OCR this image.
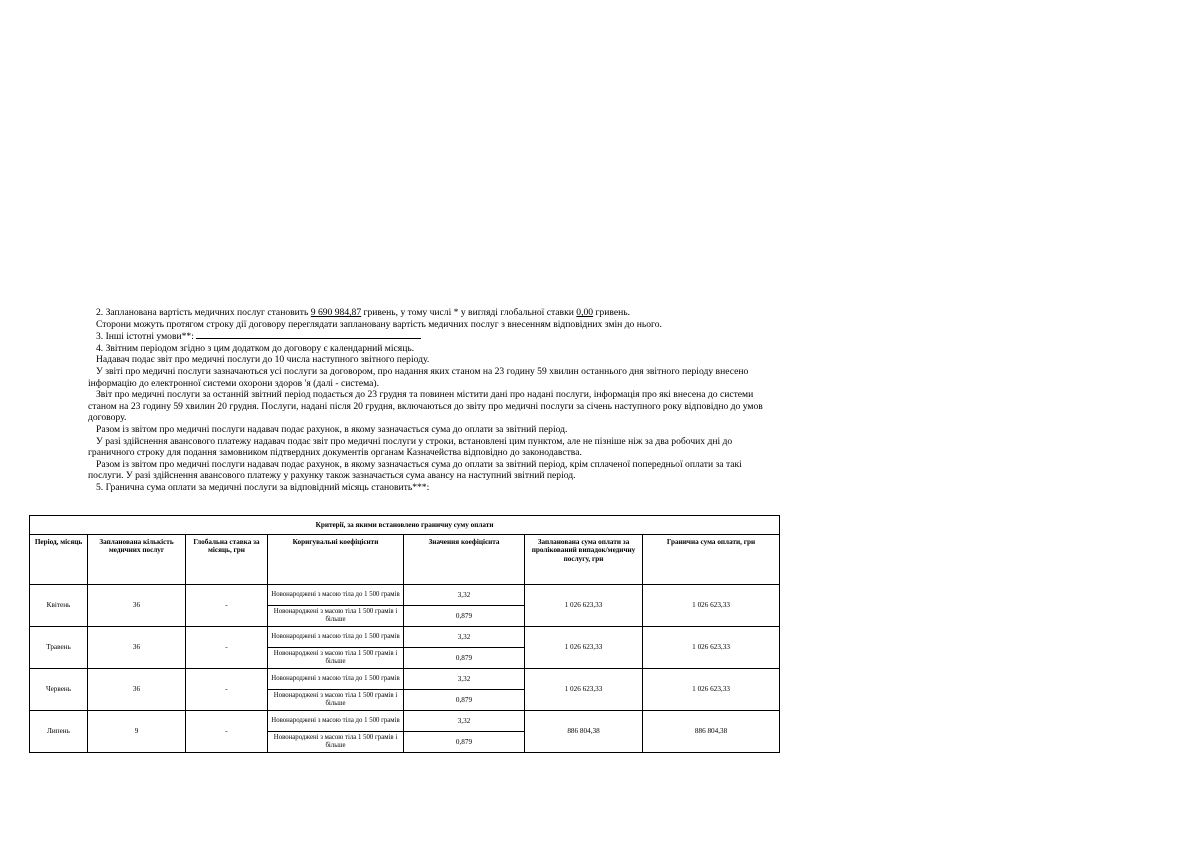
2. Запланована вартість медичних послуг становить 9 690 984,87 гривень, у тому числі * у вигляді глобальної ставки 0,00 гривень.

Сторони можуть протягом строку дії договору переглядати заплановану вартість медичних послуг з внесенням відповідних змін до нього.

3. Інші істотні умови**:

4. Звітним періодом згідно з цим додатком до договору є календарний місяць.

Надавач подає звіт про медичні послуги до 10 числа наступного звітного періоду.

У звіті про медичні послуги зазначаються усі послуги за договором, про надання яких станом на 23 годину 59 хвилин останнього дня звітного періоду внесено інформацію до електронної системи охорони здоров 'я (далі - система).

Звіт про медичні послуги за останній звітний період подається до 23 грудня та повинен містити дані про надані послуги, інформація про які внесена до системи станом на 23 годину 59 хвилин 20 грудня. Послуги, надані після 20 грудня, включаються до звіту про медичні послуги за січень наступного року відповідно до умов договору.

Разом із звітом про медичні послуги надавач подає рахунок, в якому зазначається сума до оплати за звітний період.

У разі здійснення авансового платежу надавач подає звіт про медичні послуги у строки, встановлені цим пунктом, але не пізніше ніж за два робочих дні до граничного строку для подання замовником підтвердних документів органам Казначейства відповідно до законодавства.

Разом із звітом про медичні послуги надавач подає рахунок, в якому зазначається сума до оплати за звітний період, крім сплаченої попередньої оплати за такі послуги. У разі здійснення авансового платежу у рахунку також зазначається сума авансу на наступний звітний період.

5. Гранична сума оплати за медичні послуги за відповідний місяць становить***:

Критерії, за якими встановлено граничну суму оплати						
Період, місяць	Запланована кількість медичних послуг	Глобальна ставка за місяць, грн	Коригувальні коефіцієнти	Значення коефіцієнта	Запланована сума оплати за пролікований випадок/медичну послугу, грн	Гранична сума оплати, грн
Квітень	36	-	Новонароджені з масою тіла до 1 500 грамів	3,32	1 026 623,33	1 026 623,33
			Новонароджені з масою тіла 1 500 грамів і більше	0,879		
Травень	36	-	Новонароджені з масою тіла до 1 500 грамів	3,32	1 026 623,33	1 026 623,33
			Новонароджені з масою тіла 1 500 грамів і більше	0,879		
Червень	36	-	Новонароджені з масою тіла до 1 500 грамів	3,32	1 026 623,33	1 026 623,33
			Новонароджені з масою тіла 1 500 грамів і більше	0,879		
Липень	9	-	Новонароджені з масою тіла до 1 500 грамів	3,32	886 804,38	886 804,38
			Новонароджені з масою тіла 1 500 грамів і більше	0,879		
